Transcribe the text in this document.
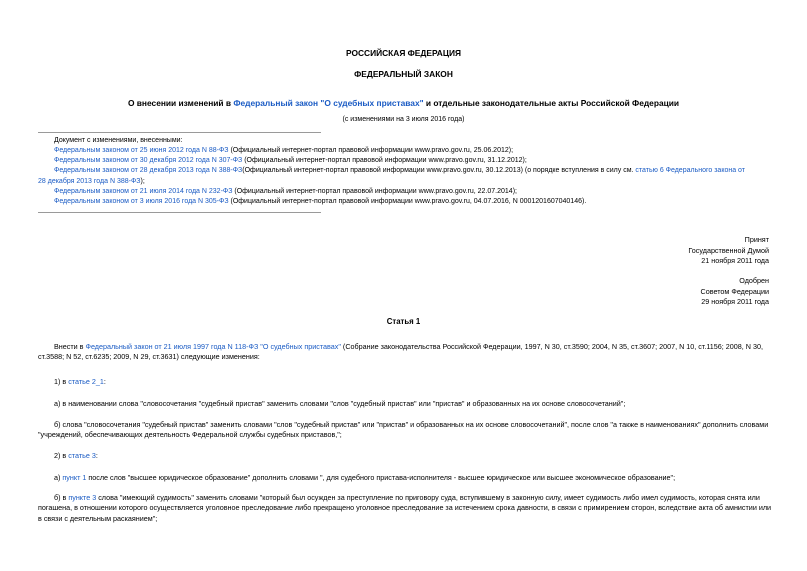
РОССИЙСКАЯ ФЕДЕРАЦИЯ
ФЕДЕРАЛЬНЫЙ ЗАКОН
О внесении изменений в Федеральный закон "О судебных приставах" и отдельные законодательные акты Российской Федерации
(с изменениями на 3 июля 2016 года)
Документ с изменениями, внесенными:
Федеральным законом от 25 июня 2012 года N 88-ФЗ (Официальный интернет-портал правовой информации www.pravo.gov.ru, 25.06.2012);
Федеральным законом от 30 декабря 2012 года N 307-ФЗ (Официальный интернет-портал правовой информации www.pravo.gov.ru, 31.12.2012);
Федеральным законом от 28 декабря 2013 года N 388-ФЗ(Официальный интернет-портал правовой информации www.pravo.gov.ru, 30.12.2013) (о порядке вступления в силу см. статью 6 Федерального закона от
28 декабря 2013 года N 388-ФЗ);
Федеральным законом от 21 июля 2014 года N 232-ФЗ (Официальный интернет-портал правовой информации www.pravo.gov.ru, 22.07.2014);
Федеральным законом от 3 июля 2016 года N 305-ФЗ (Официальный интернет-портал правовой информации www.pravo.gov.ru, 04.07.2016, N 0001201607040146).
Принят
Государственной Думой
21 ноября 2011 года
Одобрен
Советом Федерации
29 ноября 2011 года
Статья 1
Внести в Федеральный закон от 21 июля 1997 года N 118-ФЗ "О судебных приставах" (Собрание законодательства Российской Федерации, 1997, N 30, ст.3590; 2004, N 35, ст.3607; 2007, N 10, ст.1156; 2008, N 30,
ст.3588; N 52, ст.6235; 2009, N 29, ст.3631) следующие изменения:
1) в статье 2_1:
а) в наименовании слова "словосочетания "судебный пристав" заменить словами "слов "судебный пристав" или "пристав" и образованных на их основе словосочетаний";
б) слова "словосочетания "судебный пристав" заменить словами "слов "судебный пристав" или "пристав" и образованных на их основе словосочетаний", после слов "а также в наименованиях" дополнить словами
"учреждений, обеспечивающих деятельность Федеральной службы судебных приставов,";
2) в статье 3:
а) пункт 1 после слов "высшее юридическое образование" дополнить словами ", для судебного пристава-исполнителя - высшее юридическое или высшее экономическое образование";
б) в пункте 3 слова "имеющий судимость" заменить словами "который был осужден за преступление по приговору суда, вступившему в законную силу, имеет судимость либо имел судимость, которая снята или
погашена, в отношении которого осуществляется уголовное преследование либо прекращено уголовное преследование за истечением срока давности, в связи с примирением сторон, вследствие акта об амнистии или
в связи с деятельным раскаянием";
